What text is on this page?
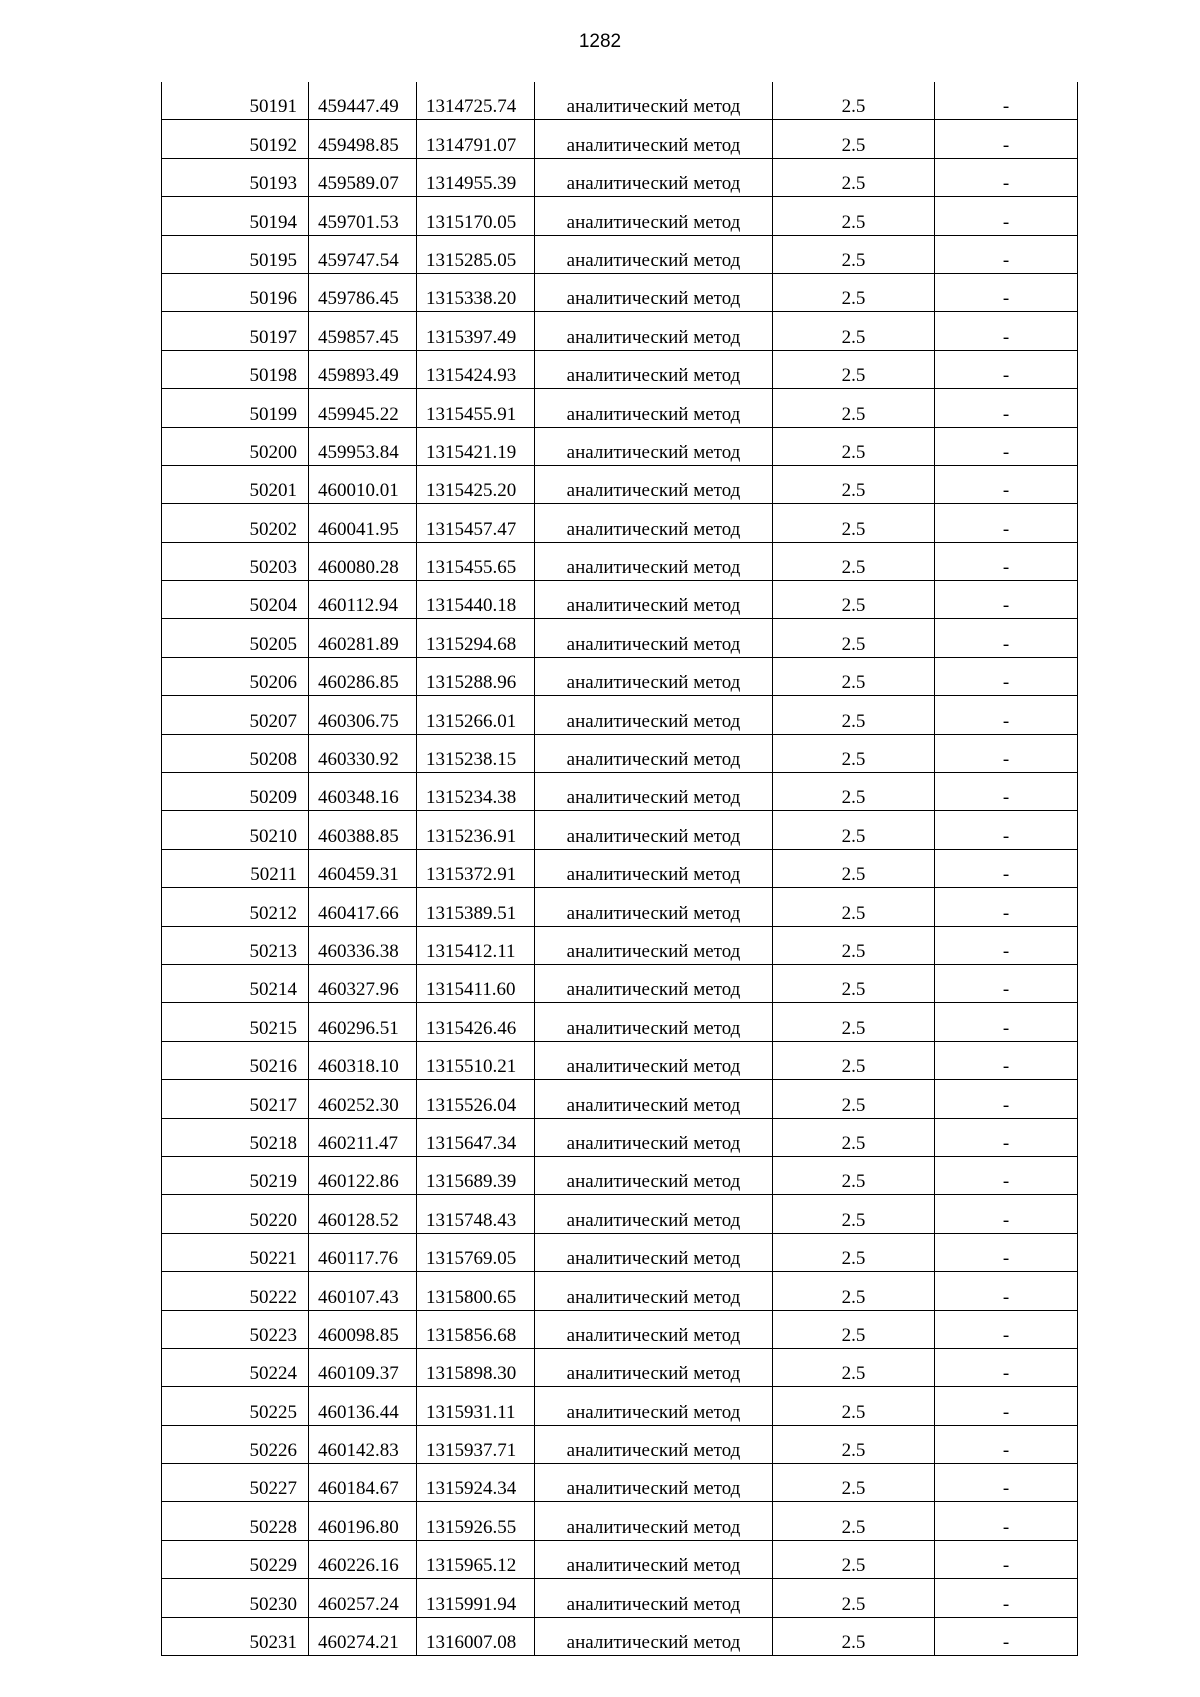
1282
50191	459447.49	1314725.74	аналитический метод	2.5	-
50192	459498.85	1314791.07	аналитический метод	2.5	-
50193	459589.07	1314955.39	аналитический метод	2.5	-
50194	459701.53	1315170.05	аналитический метод	2.5	-
50195	459747.54	1315285.05	аналитический метод	2.5	-
50196	459786.45	1315338.20	аналитический метод	2.5	-
50197	459857.45	1315397.49	аналитический метод	2.5	-
50198	459893.49	1315424.93	аналитический метод	2.5	-
50199	459945.22	1315455.91	аналитический метод	2.5	-
50200	459953.84	1315421.19	аналитический метод	2.5	-
50201	460010.01	1315425.20	аналитический метод	2.5	-
50202	460041.95	1315457.47	аналитический метод	2.5	-
50203	460080.28	1315455.65	аналитический метод	2.5	-
50204	460112.94	1315440.18	аналитический метод	2.5	-
50205	460281.89	1315294.68	аналитический метод	2.5	-
50206	460286.85	1315288.96	аналитический метод	2.5	-
50207	460306.75	1315266.01	аналитический метод	2.5	-
50208	460330.92	1315238.15	аналитический метод	2.5	-
50209	460348.16	1315234.38	аналитический метод	2.5	-
50210	460388.85	1315236.91	аналитический метод	2.5	-
50211	460459.31	1315372.91	аналитический метод	2.5	-
50212	460417.66	1315389.51	аналитический метод	2.5	-
50213	460336.38	1315412.11	аналитический метод	2.5	-
50214	460327.96	1315411.60	аналитический метод	2.5	-
50215	460296.51	1315426.46	аналитический метод	2.5	-
50216	460318.10	1315510.21	аналитический метод	2.5	-
50217	460252.30	1315526.04	аналитический метод	2.5	-
50218	460211.47	1315647.34	аналитический метод	2.5	-
50219	460122.86	1315689.39	аналитический метод	2.5	-
50220	460128.52	1315748.43	аналитический метод	2.5	-
50221	460117.76	1315769.05	аналитический метод	2.5	-
50222	460107.43	1315800.65	аналитический метод	2.5	-
50223	460098.85	1315856.68	аналитический метод	2.5	-
50224	460109.37	1315898.30	аналитический метод	2.5	-
50225	460136.44	1315931.11	аналитический метод	2.5	-
50226	460142.83	1315937.71	аналитический метод	2.5	-
50227	460184.67	1315924.34	аналитический метод	2.5	-
50228	460196.80	1315926.55	аналитический метод	2.5	-
50229	460226.16	1315965.12	аналитический метод	2.5	-
50230	460257.24	1315991.94	аналитический метод	2.5	-
50231	460274.21	1316007.08	аналитический метод	2.5	-
